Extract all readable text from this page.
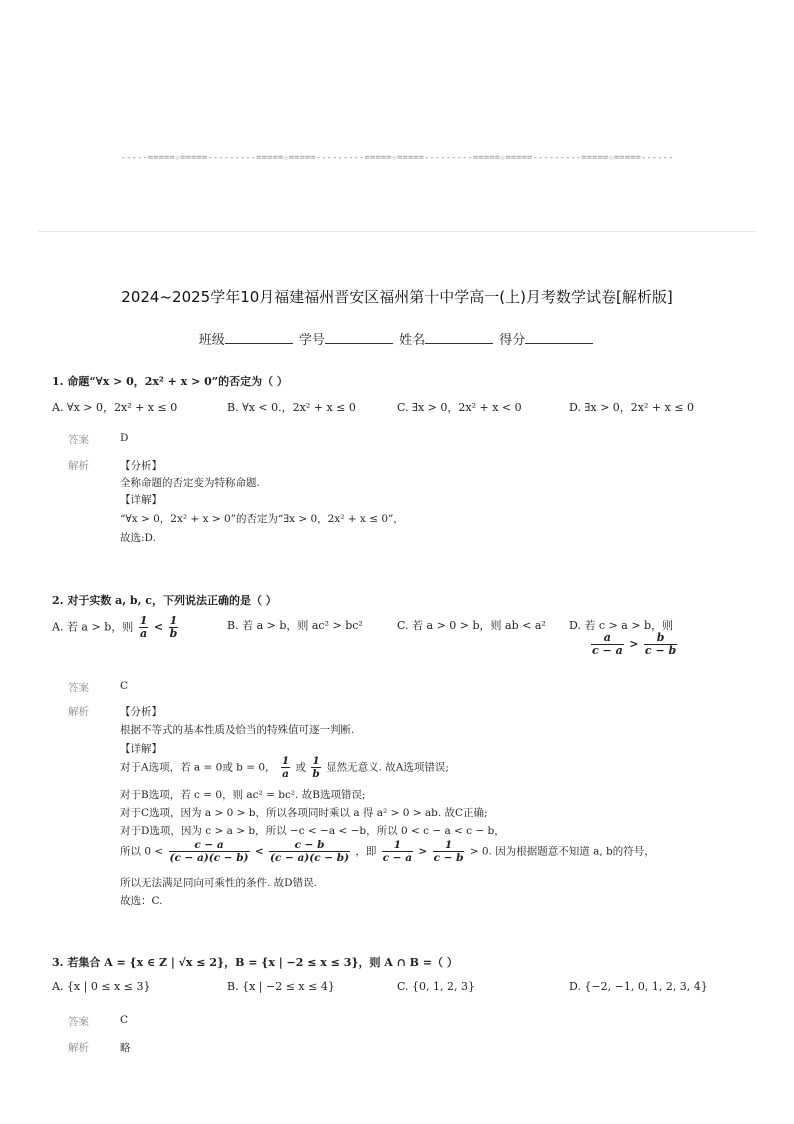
-----=====☆=====---------=====☆=====---------=====☆=====---------=====☆=====---------=====☆=====------
2024~2025学年10月福建福州晋安区福州第十中学高一(上)月考数学试卷[解析版]
班级	学号	姓名	得分
1. 命题“∀x > 0，2x² + x > 0”的否定为（ ）
A. ∀x > 0，2x² + x ≤ 0	B. ∀x < 0.，2x² + x ≤ 0	C. ∃x > 0，2x² + x < 0	D. ∃x > 0，2x² + x ≤ 0
答案	D
解析	【分析】
全称命题的否定变为特称命题.
【详解】
“∀x > 0，2x² + x > 0”的否定为“∃x > 0，2x² + x ≤ 0”，
故选:D.
2. 对于实数 a, b, c，下列说法正确的是（ ）
A. 若 a > b，则 $\frac{1}{a} < \frac{1}{b}$	B. 若 a > b，则 ac² > bc²	C. 若 a > 0 > b，则 ab < a² D. 若 c > a > b，则
$\frac{a}{c - a} > \frac{b}{c - b}$
答案	C
解析	【分析】
根据不等式的基本性质及恰当的特殊值可逐一判断.
【详解】
对于A选项，若 a = 0或 b = 0， $\frac{1}{a}$ 或 $\frac{1}{b}$ 显然无意义. 故A选项错误;
对于B选项，若 c = 0，则 ac² = bc². 故B选项错误;
对于C选项，因为 a > 0 > b，所以各项同时乘以 a 得 a² > 0 > ab. 故C正确;
对于D选项，因为 c > a > b，所以 −c < −a < −b，所以 0 < c − a < c − b，
所以 $0 < \frac{c - a}{(c - a)(c - b)} < \frac{c - b}{(c - a)(c - b)}$ ，即 $\frac{1}{c - a} > \frac{1}{c - b} > 0$. 因为根据题意不知道 a, b的符号，
所以无法满足同向可乘性的条件. 故D错误.
故选：C.
3. 若集合 A = {x ∈ Z | √x ≤ 2}，B = {x | −2 ≤ x ≤ 3}，则 A ∩ B =（ ）
A. {x | 0 ≤ x ≤ 3}	B. {x | −2 ≤ x ≤ 4}	C. {0, 1, 2, 3}	D. {−2, −1, 0, 1, 2, 3, 4}
答案	C
解析	略
